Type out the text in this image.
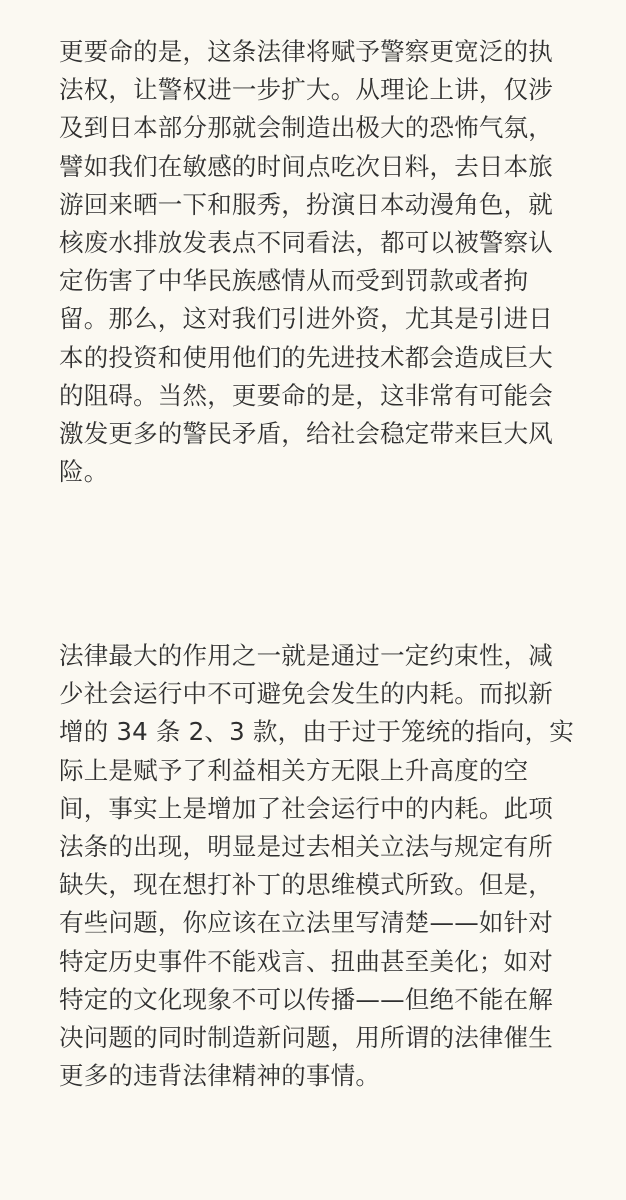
更要命的是，这条法律将赋予警察更宽泛的执
法权，让警权进一步扩大。从理论上讲，仅涉
及到日本部分那就会制造出极大的恐怖气氛，
譬如我们在敏感的时间点吃次日料，去日本旅
游回来晒一下和服秀，扮演日本动漫角色，就
核废水排放发表点不同看法，都可以被警察认
定伤害了中华民族感情从而受到罚款或者拘
留。那么，这对我们引进外资，尤其是引进日
本的投资和使用他们的先进技术都会造成巨大
的阻碍。当然，更要命的是，这非常有可能会
激发更多的警民矛盾，给社会稳定带来巨大风
险。

法律最大的作用之一就是通过一定约束性，减
少社会运行中不可避免会发生的内耗。而拟新
增的 34 条 2、3 款，由于过于笼统的指向，实
际上是赋予了利益相关方无限上升高度的空
间，事实上是增加了社会运行中的内耗。此项
法条的出现，明显是过去相关立法与规定有所
缺失，现在想打补丁的思维模式所致。但是，
有些问题，你应该在立法里写清楚——如针对
特定历史事件不能戏言、扭曲甚至美化；如对
特定的文化现象不可以传播——但绝不能在解
决问题的同时制造新问题，用所谓的法律催生
更多的违背法律精神的事情。
